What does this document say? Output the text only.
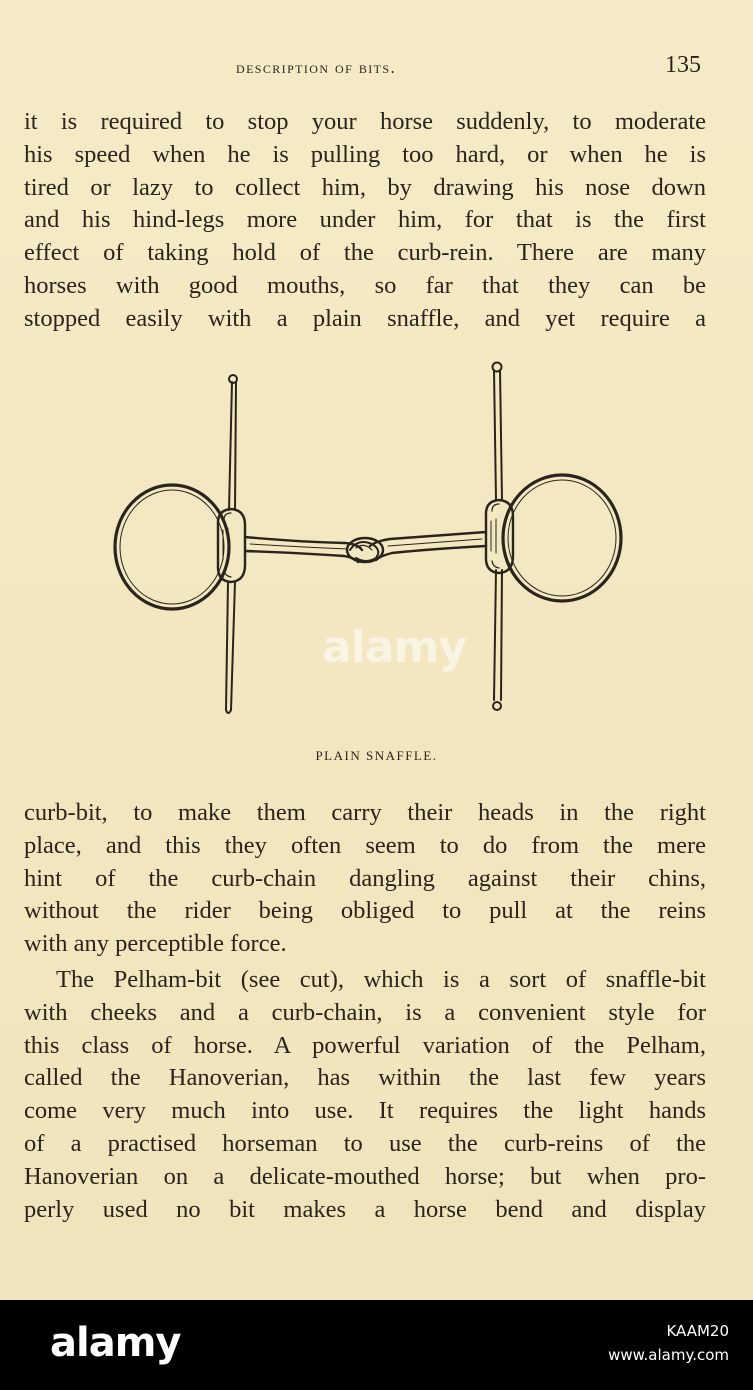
description of bits.	135
it is required to stop your horse suddenly, to moderate
his speed when he is pulling too hard, or when he is
tired or lazy to collect him, by drawing his nose down
and his hind-legs more under him, for that is the first
effect of taking hold of the curb-rein. There are many
horses with good mouths, so far that they can be
stopped easily with a plain snaffle, and yet require a
PLAIN SNAFFLE.
curb-bit, to make them carry their heads in the right
place, and this they often seem to do from the mere
hint of the curb-chain dangling against their chins,
without the rider being obliged to pull at the reins
with any perceptible force.
The Pelham-bit (see cut), which is a sort of snaffle-bit
with cheeks and a curb-chain, is a convenient style for
this class of horse. A powerful variation of the Pelham,
called the Hanoverian, has within the last few years
come very much into use. It requires the light hands
of a practised horseman to use the curb-reins of the
Hanoverian on a delicate-mouthed horse; but when pro-
perly used no bit makes a horse bend and display
alamy
alamy	KAAM20
www.alamy.com
